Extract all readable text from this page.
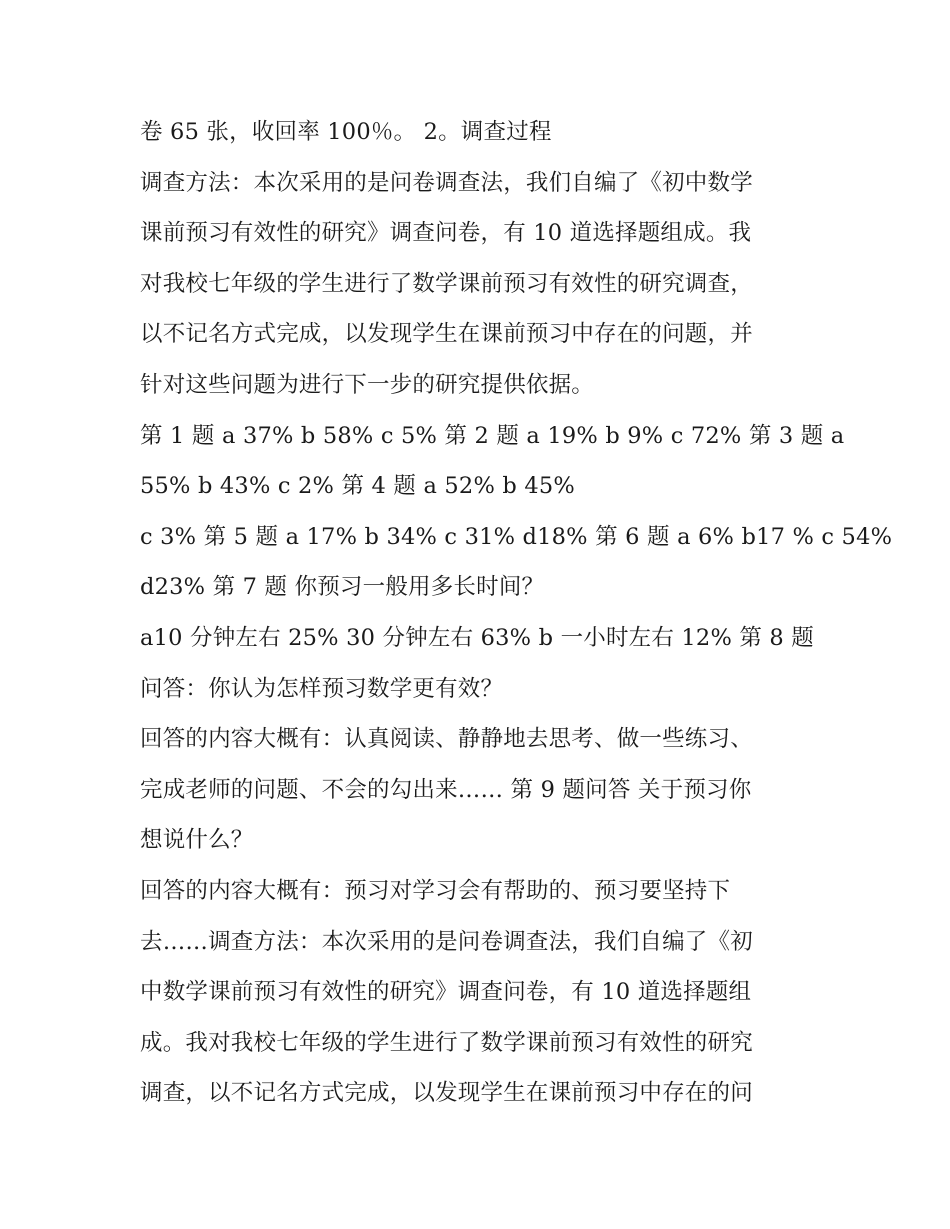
卷 65 张，收回率 100％。 2。调查过程
调查方法：本次采用的是问卷调查法，我们自编了《初中数学
课前预习有效性的研究》调查问卷，有 10 道选择题组成。我
对我校七年级的学生进行了数学课前预习有效性的研究调查，
以不记名方式完成，以发现学生在课前预习中存在的问题，并
针对这些问题为进行下一步的研究提供依据。
第 1 题 a 37% b 58% c 5% 第 2 题 a 19% b 9% c 72% 第 3 题 a
55% b 43% c 2% 第 4 题 a 52% b 45%
c 3% 第 5 题 a 17% b 34% c 31% d18% 第 6 题 a 6% b17 % c 54%
d23% 第 7 题 你预习一般用多长时间？
a10 分钟左右 25% 30 分钟左右 63% b 一小时左右 12% 第 8 题
问答：你认为怎样预习数学更有效？
回答的内容大概有：认真阅读、静静地去思考、做一些练习、
完成老师的问题、不会的勾出来…… 第 9 题问答 关于预习你
想说什么？
回答的内容大概有：预习对学习会有帮助的、预习要坚持下
去……调查方法：本次采用的是问卷调查法，我们自编了《初
中数学课前预习有效性的研究》调查问卷，有 10 道选择题组
成。我对我校七年级的学生进行了数学课前预习有效性的研究
调查，以不记名方式完成，以发现学生在课前预习中存在的问
